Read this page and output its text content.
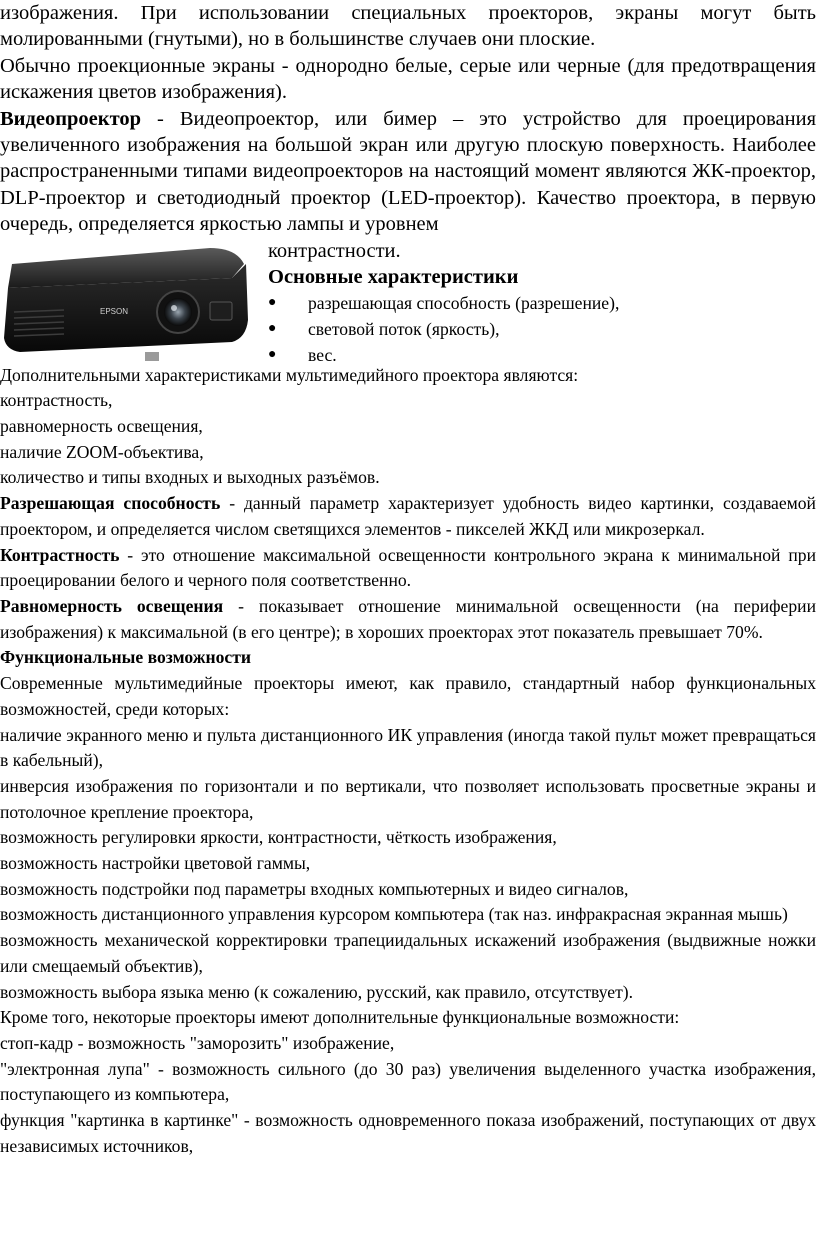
изображения. При использовании специальных проекторов, экраны могут быть молированными (гнутыми), но в большинстве случаев они плоские.

Обычно проекционные экраны - однородно белые, серые или черные (для предотвращения искажения цветов изображения).

Видеопроектор - Видеопроектор, или бимер – это устройство для проецирования увеличенного изображения на большой экран или другую плоскую поверхность. Наиболее распространенными типами видеопроекторов на настоящий момент являются ЖК-проектор, DLP-проектор и светодиодный проектор (LED-проектор). Качество проектора, в первую очередь, определяется яркостью лампы и уровнем

EPSON

контрастности.

Основные характеристики

● разрешающая способность (разрешение),
● световой поток (яркость),
● вес.

Дополнительными характеристиками мультимедийного проектора являются:

контрастность,

равномерность освещения,

наличие ZOOM-объектива,

количество и типы входных и выходных разъёмов.

Разрешающая способность - данный параметр характеризует удобность видео картинки, создаваемой проектором, и определяется числом светящихся элементов - пикселей ЖКД или микрозеркал.

Контрастность - это отношение максимальной освещенности контрольного экрана к минимальной при проецировании белого и черного поля соответственно.

Равномерность освещения - показывает отношение минимальной освещенности (на периферии изображения) к максимальной (в его центре); в хороших проекторах этот показатель превышает 70%.

Функциональные возможности

Современные мультимедийные проекторы имеют, как правило, стандартный набор функциональных возможностей, среди которых:

наличие экранного меню и пульта дистанционного ИК управления (иногда такой пульт может превращаться в кабельный),

инверсия изображения по горизонтали и по вертикали, что позволяет использовать просветные экраны и потолочное крепление проектора,

возможность регулировки яркости, контрастности, чёткость изображения,

возможность настройки цветовой гаммы,

возможность подстройки под параметры входных компьютерных и видео сигналов,

возможность дистанционного управления курсором компьютера (так наз. инфракрасная экранная мышь)

возможность механической корректировки трапециидальных искажений изображения (выдвижные ножки или смещаемый объектив),

возможность выбора языка меню (к сожалению, русский, как правило, отсутствует).

Кроме того, некоторые проекторы имеют дополнительные функциональные возможности:

стоп-кадр - возможность "заморозить" изображение,

"электронная лупа" - возможность сильного (до 30 раз) увеличения выделенного участка изображения, поступающего из компьютера,

функция "картинка в картинке" - возможность одновременного показа изображений, поступающих от двух независимых источников,
